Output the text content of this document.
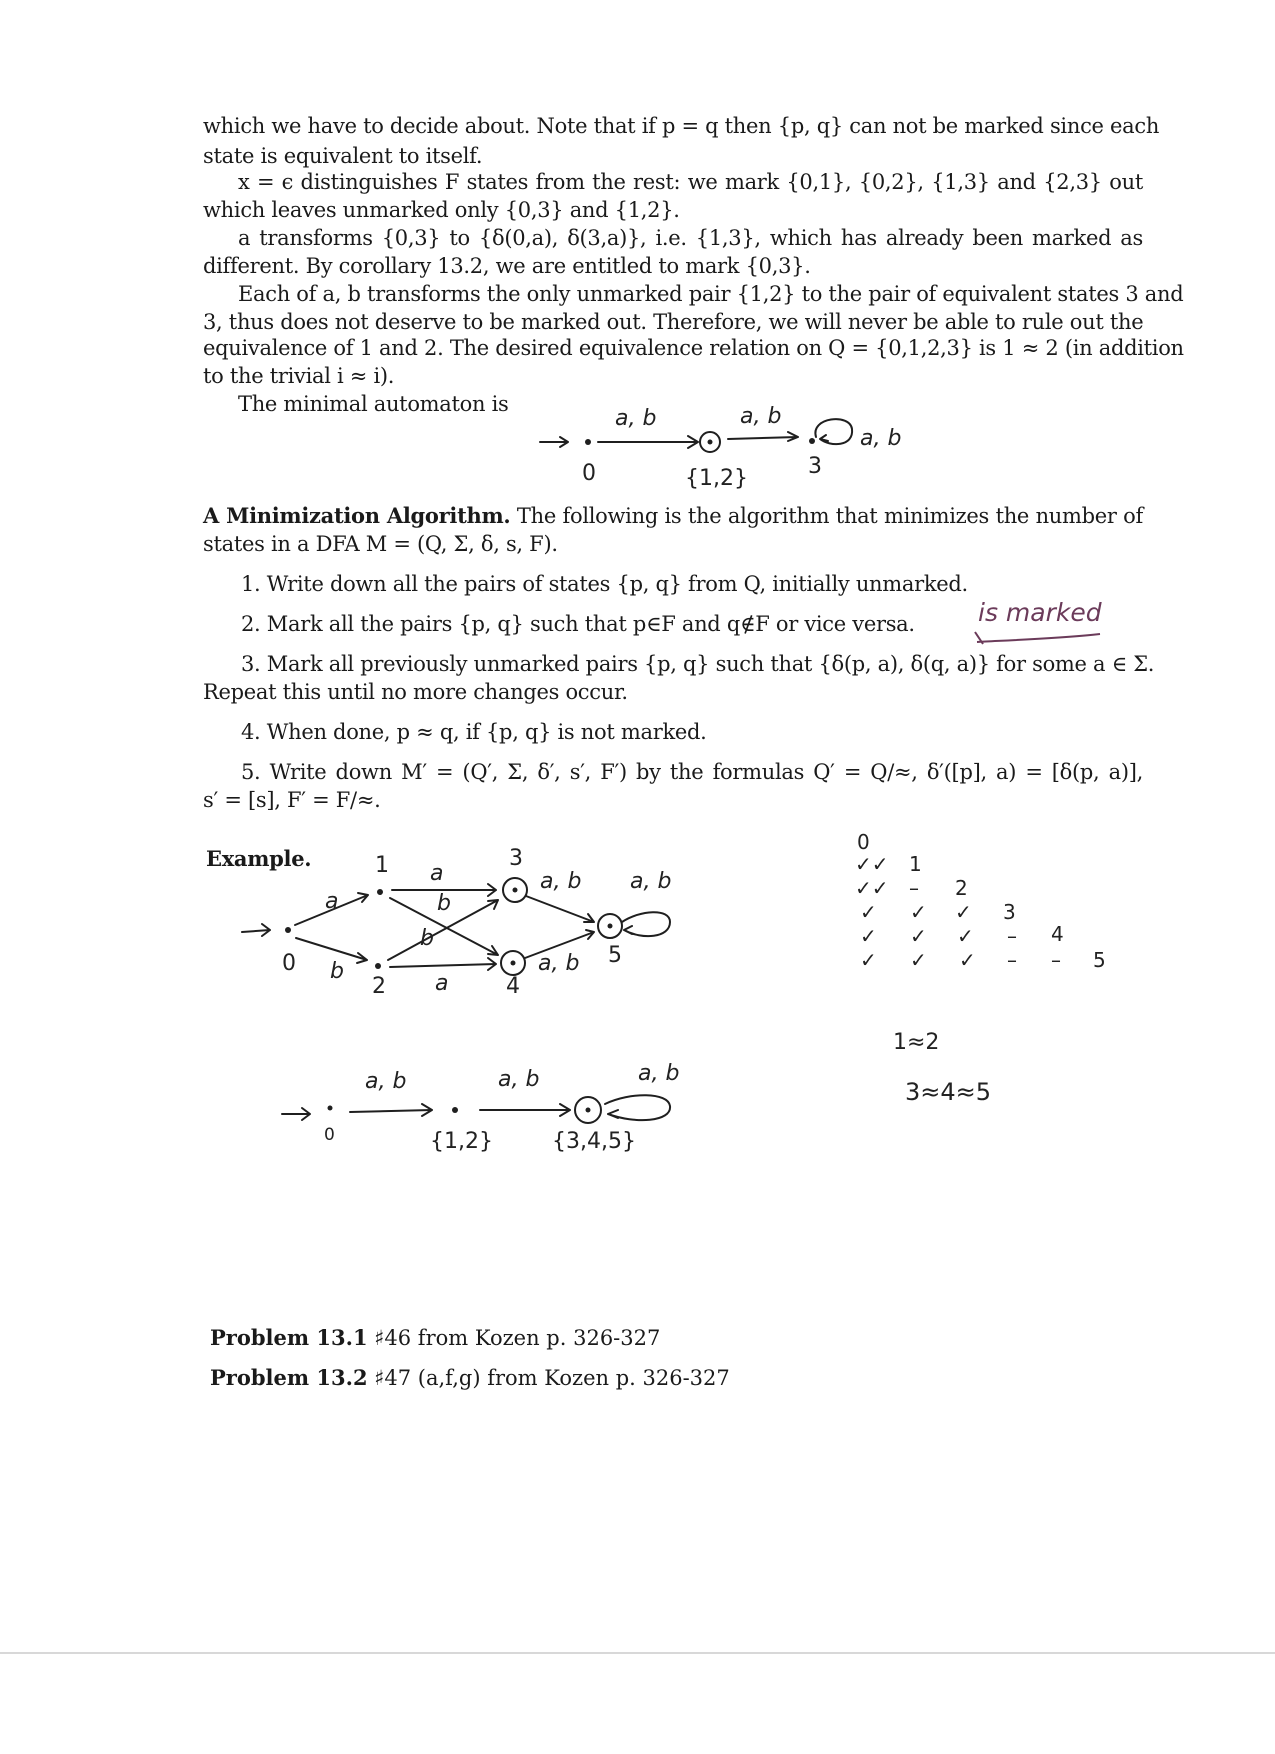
which we have to decide about. Note that if p = q then {p, q} can not be marked since each
state is equivalent to itself.
x = ϵ distinguishes F states from the rest: we mark {0,1}, {0,2}, {1,3} and {2,3} out
which leaves unmarked only {0,3} and {1,2}.
a transforms {0,3} to {δ(0,a), δ(3,a)}, i.e. {1,3}, which has already been marked as
different. By corollary 13.2, we are entitled to mark {0,3}.
Each of a, b transforms the only unmarked pair {1,2} to the pair of equivalent states 3 and
3, thus does not deserve to be marked out. Therefore, we will never be able to rule out the
equivalence of 1 and 2. The desired equivalence relation on Q = {0,1,2,3} is 1 ≈ 2 (in addition
to the trivial i ≈ i).
The minimal automaton is
a, b	a, b
a, b
0	{1,2}	3
A Minimization Algorithm. The following is the algorithm that minimizes the number of
states in a DFA M = (Q, Σ, δ, s, F).
1. Write down all the pairs of states {p, q} from Q, initially unmarked.
2. Mark all the pairs {p, q} such that p∈F and q∉F or vice versa.	is marked
3. Mark all previously unmarked pairs {p, q} such that {δ(p, a), δ(q, a)} for some a ∈ Σ.
Repeat this until no more changes occur.
4. When done, p ≈ q, if {p, q} is not marked.
5. Write down M′ = (Q′, Σ, δ′, s′, F′) by the formulas Q′ = Q/≈, δ′([p], a) = [δ(p, a)],
s′ = [s], F′ = F/≈.
Example.
a
b
a
b
b
a
a, b
a, b
a, b
0
1
2
3
4
5
0
✓✓ 1
✓✓ – 2
✓ ✓ ✓ 3
✓ ✓ ✓ – 4
✓ ✓ ✓ – – 5
1≈2
3≈4≈5
a, b	a, b	a, b
0	{1,2}	{3,4,5}
Problem 13.1 ♯46 from Kozen p. 326-327
Problem 13.2 ♯47 (a,f,g) from Kozen p. 326-327
